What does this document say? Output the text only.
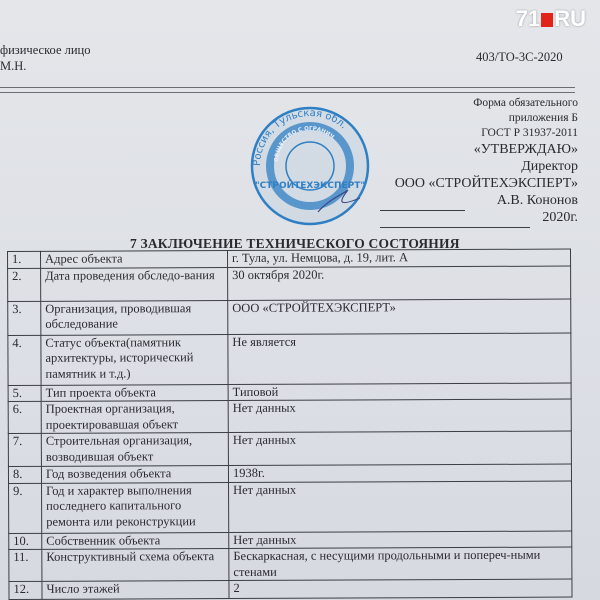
физическое лицо
М.Н.
403/ТО-3С-2020
Форма обязательного
приложения Б
ГОСТ Р 31937-2011
«УТВЕРЖДАЮ»
Директор
ООО «СТРОЙТЕХЭКСПЕРТ»
А.В. Кононов
2020г.
Россия, Тульская обл.
ОБЩЕСТВО С ОГРАНИЧ.
"СТРОЙТЕХЭКСПЕРТ"
7 ЗАКЛЮЧЕНИЕ ТЕХНИЧЕСКОГО СОСТОЯНИЯ
1.	Адрес объекта	г. Тула, ул. Немцова, д. 19, лит. А
2.	Дата проведения обследо-вания	30 октября 2020г.
3.	Организация, проводившая обследование	ООО «СТРОЙТЕХЭКСПЕРТ»
4.	Статус объекта(памятник архитектуры, исторический памятник и т.д.)	Не является
5.	Тип проекта объекта	Типовой
6.	Проектная организация, проектировавшая объект	Нет данных
7.	Строительная организация, возводившая объект	Нет данных
8.	Год возведения объекта	1938г.
9.	Год и характер выполнения последнего капитального ремонта или реконструкции	Нет данных
10.	Собственник объекта	Нет данных
11.	Конструктивный схема объекта	Бескаркасная, с несущими продольными и попереч-ными стенами
12.	Число этажей	2
71 RU
